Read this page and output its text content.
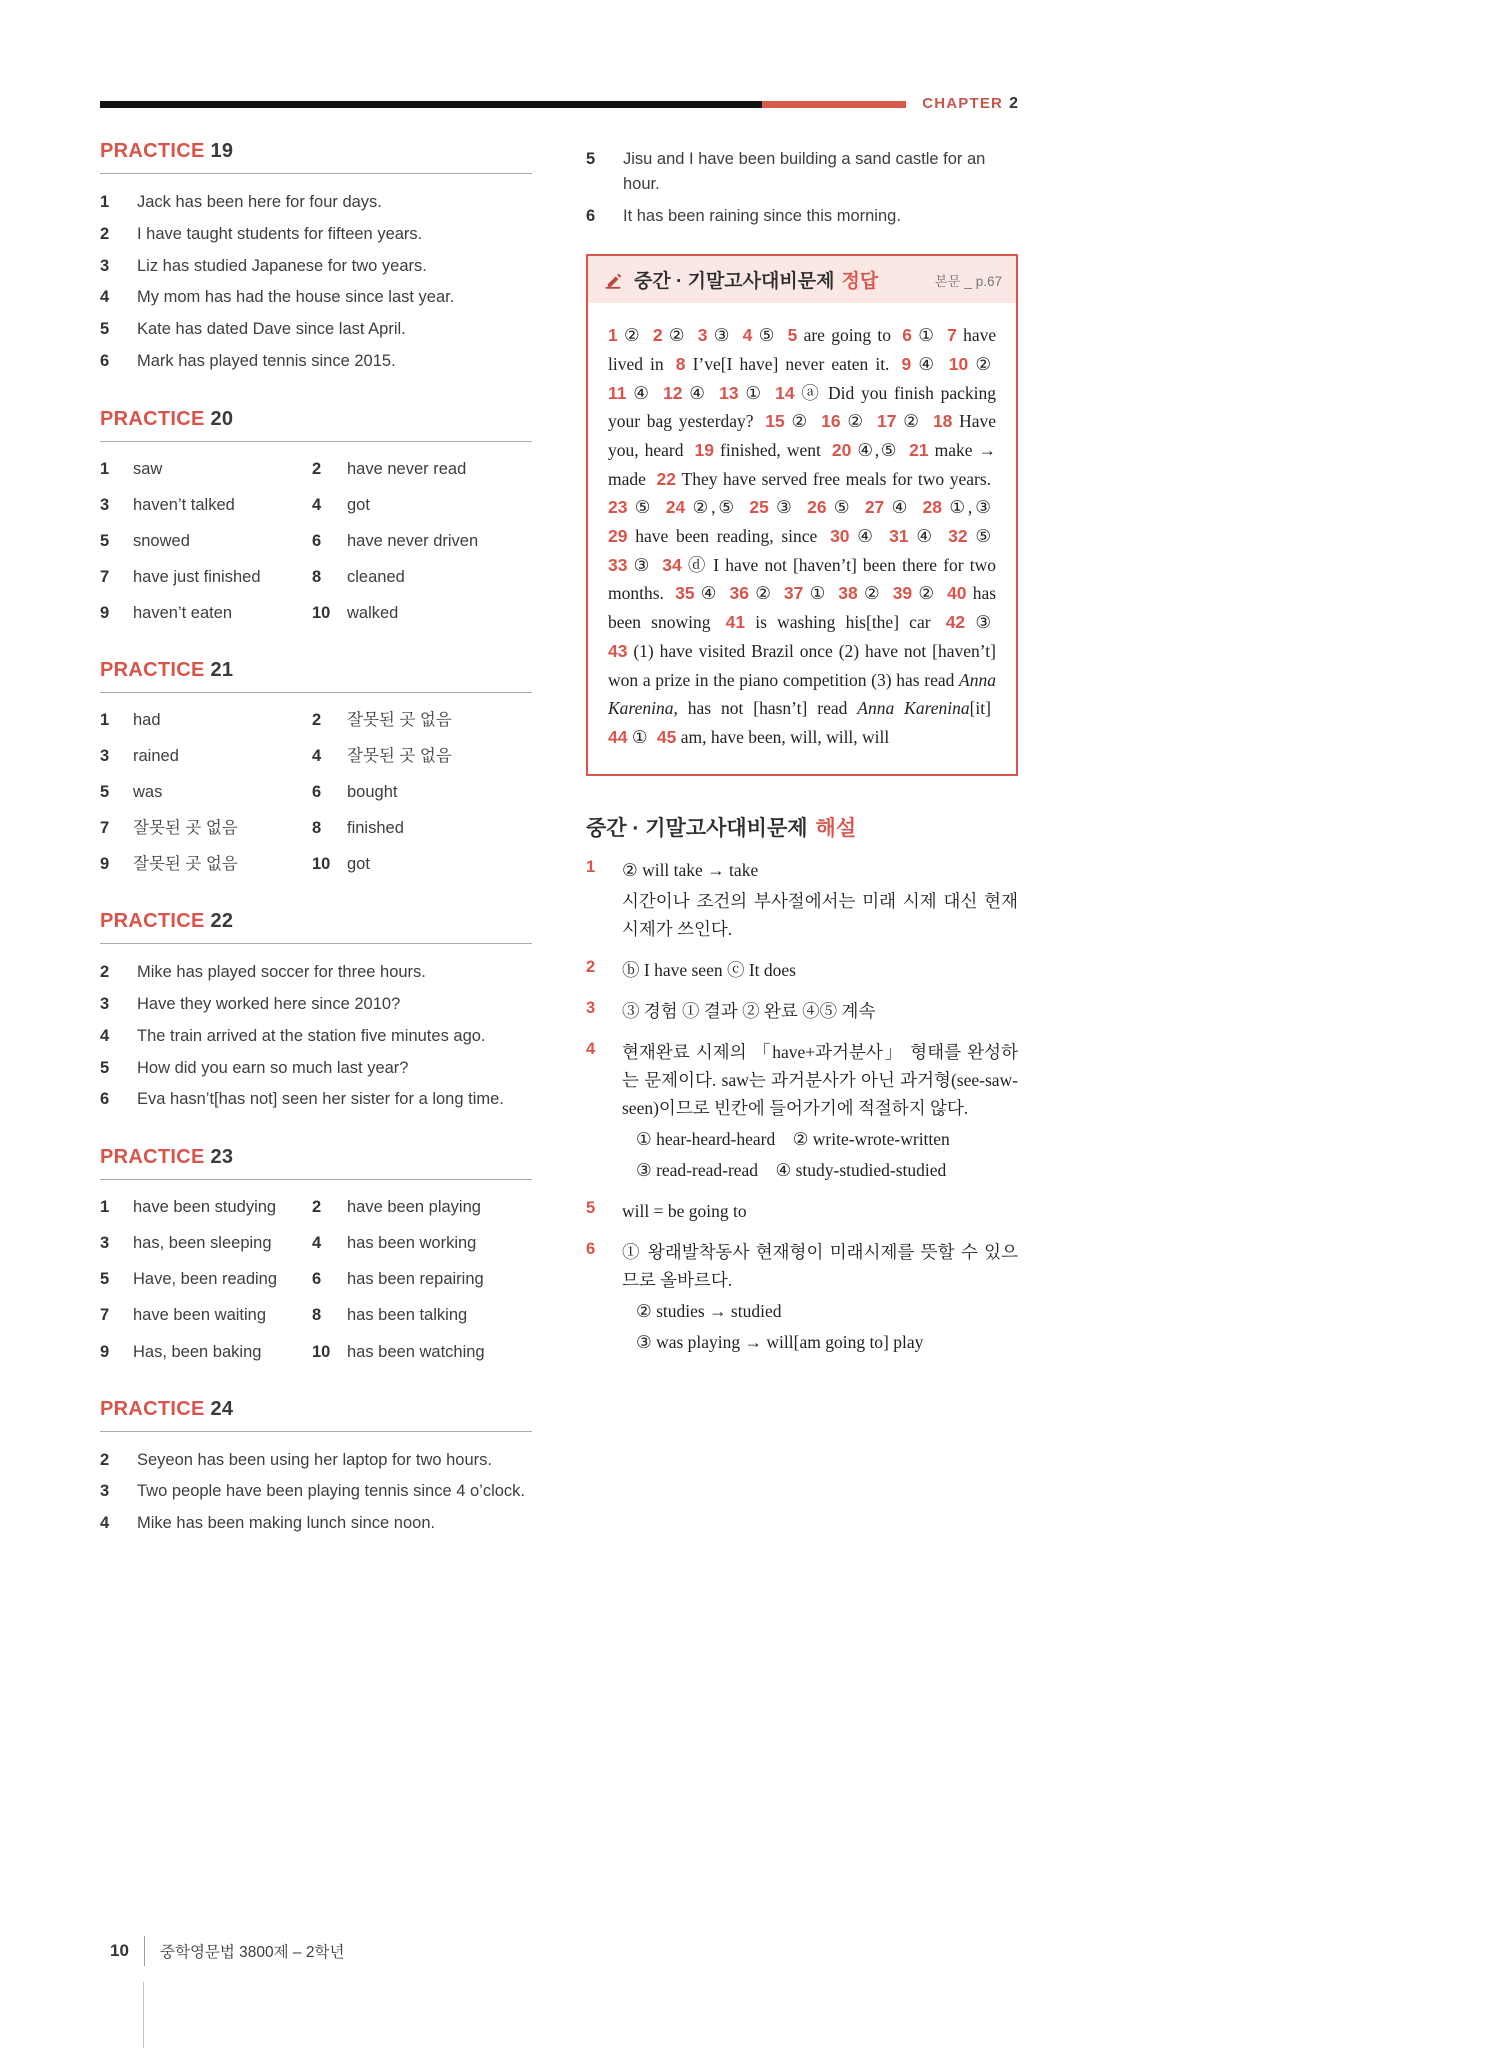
CHAPTER 2
PRACTICE 19
1	Jack has been here for four days.
2	I have taught students for fifteen years.
3	Liz has studied Japanese for two years.
4	My mom has had the house since last year.
5	Kate has dated Dave since last April.
6	Mark has played tennis since 2015.
PRACTICE 20
1	saw	2	have never read
3	haven’t talked	4	got
5	snowed	6	have never driven
7	have just finished	8	cleaned
9	haven’t eaten	10	walked
PRACTICE 21
1	had	2	잘못된 곳 없음
3	rained	4	잘못된 곳 없음
5	was	6	bought
7	잘못된 곳 없음	8	finished
9	잘못된 곳 없음	10	got
PRACTICE 22
2	Mike has played soccer for three hours.
3	Have they worked here since 2010?
4	The train arrived at the station five minutes ago.
5	How did you earn so much last year?
6	Eva hasn’t[has not] seen her sister for a long time.
PRACTICE 23
1	have been studying	2	have been playing
3	has, been sleeping	4	has been working
5	Have, been reading	6	has been repairing
7	have been waiting	8	has been talking
9	Has, been baking	10	has been watching
PRACTICE 24
2	Seyeon has been using her laptop for two hours.
3	Two people have been playing tennis since 4 o’clock.
4	Mike has been making lunch since noon.
5	Jisu and I have been building a sand castle for an hour.
6	It has been raining since this morning.
중간 · 기말고사대비문제 정답	본문 _ p.67
1 ② 2 ② 3 ③ 4 ⑤ 5 are going to 6 ① 7 have lived in 8 I’ve[I have] never eaten it. 9 ④ 10 ② 11 ④ 12 ④ 13 ① 14 ⓐ Did you finish packing your bag yesterday? 15 ② 16 ② 17 ② 18 Have you, heard 19 finished, went 20 ④,⑤ 21 make → made 22 They have served free meals for two years. 23 ⑤ 24 ②,⑤ 25 ③ 26 ⑤ 27 ④ 28 ①,③ 29 have been reading, since 30 ④ 31 ④ 32 ⑤ 33 ③ 34 ⓓ I have not [haven’t] been there for two months. 35 ④ 36 ② 37 ① 38 ② 39 ② 40 has been snowing 41 is washing his[the] car 42 ③ 43 (1) have visited Brazil once (2) have not [haven’t] won a prize in the piano competition (3) has read Anna Karenina, has not [hasn’t] read Anna Karenina[it] 44 ① 45 am, have been, will, will, will
중간 · 기말고사대비문제 해설
1	② will take → take

시간이나 조건의 부사절에서는 미래 시제 대신 현재 시제가 쓰인다.

2	ⓑ I have seen ⓒ It does

3	③ 경험 ① 결과 ② 완료 ④⑤ 계속

4	현재완료 시제의 「have+과거분사」 형태를 완성하는 문제이다. saw는 과거분사가 아닌 과거형(see-saw-seen)이므로 빈칸에 들어가기에 적절하지 않다.

① hear-heard-heard ② write-wrote-written

③ read-read-read ④ study-studied-studied

5	will = be going to

6	① 왕래발착동사 현재형이 미래시제를 뜻할 수 있으므로 올바르다.

② studies → studied

③ was playing → will[am going to] play

10	중학영문법 3800제 – 2학년
